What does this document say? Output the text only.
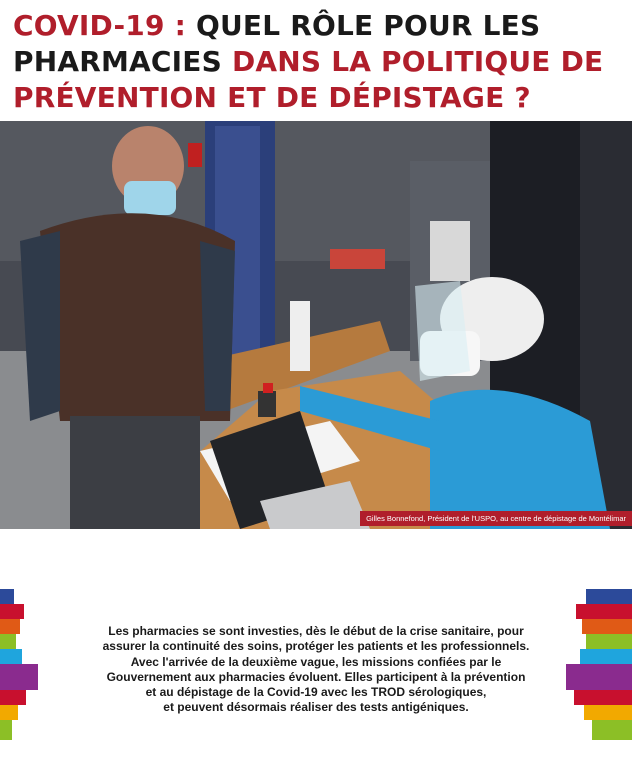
COVID-19 : QUEL RÔLE POUR LES PHARMACIES DANS LA POLITIQUE DE PRÉVENTION ET DE DÉPISTAGE ?
Gilles Bonnefond, Président de l'USPO, au centre de dépistage de Montélimar

Les pharmacies se sont investies, dès le début de la crise sanitaire, pour
assurer la continuité des soins, protéger les patients et les professionnels.
Avec l'arrivée de la deuxième vague, les missions confiées par le
Gouvernement aux pharmacies évoluent. Elles participent à la prévention
et au dépistage de la Covid-19 avec les TROD sérologiques,
et peuvent désormais réaliser des tests antigéniques.
